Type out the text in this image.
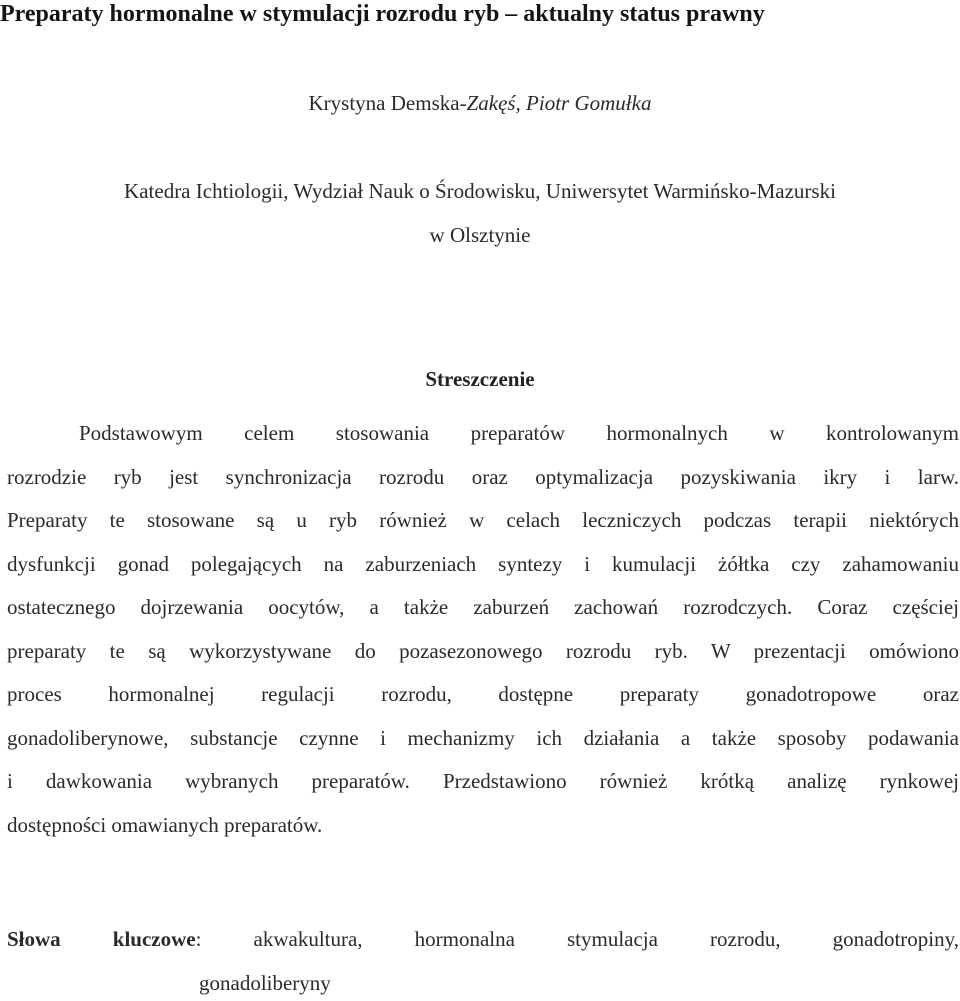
Preparaty hormonalne w stymulacji rozrodu ryb – aktualny status prawny
Krystyna Demska-Zakęś, Piotr Gomułka
Katedra Ichtiologii, Wydział Nauk o Środowisku, Uniwersytet Warmińsko-Mazurski
w Olsztynie
Streszczenie
Podstawowym celem stosowania preparatów hormonalnych w kontrolowanym
rozrodzie ryb jest synchronizacja rozrodu oraz optymalizacja pozyskiwania ikry i larw.
Preparaty te stosowane są u ryb również w celach leczniczych podczas terapii niektórych
dysfunkcji gonad polegających na zaburzeniach syntezy i kumulacji żółtka czy zahamowaniu
ostatecznego dojrzewania oocytów, a także zaburzeń zachowań rozrodczych. Coraz częściej
preparaty te są wykorzystywane do pozasezonowego rozrodu ryb. W prezentacji omówiono
proces hormonalnej regulacji rozrodu, dostępne preparaty gonadotropowe oraz
gonadoliberynowe, substancje czynne i mechanizmy ich działania a także sposoby podawania
i dawkowania wybranych preparatów. Przedstawiono również krótką analizę rynkowej
dostępności omawianych preparatów.
Słowa kluczowe: akwakultura, hormonalna stymulacja rozrodu, gonadotropiny,
gonadoliberyny
